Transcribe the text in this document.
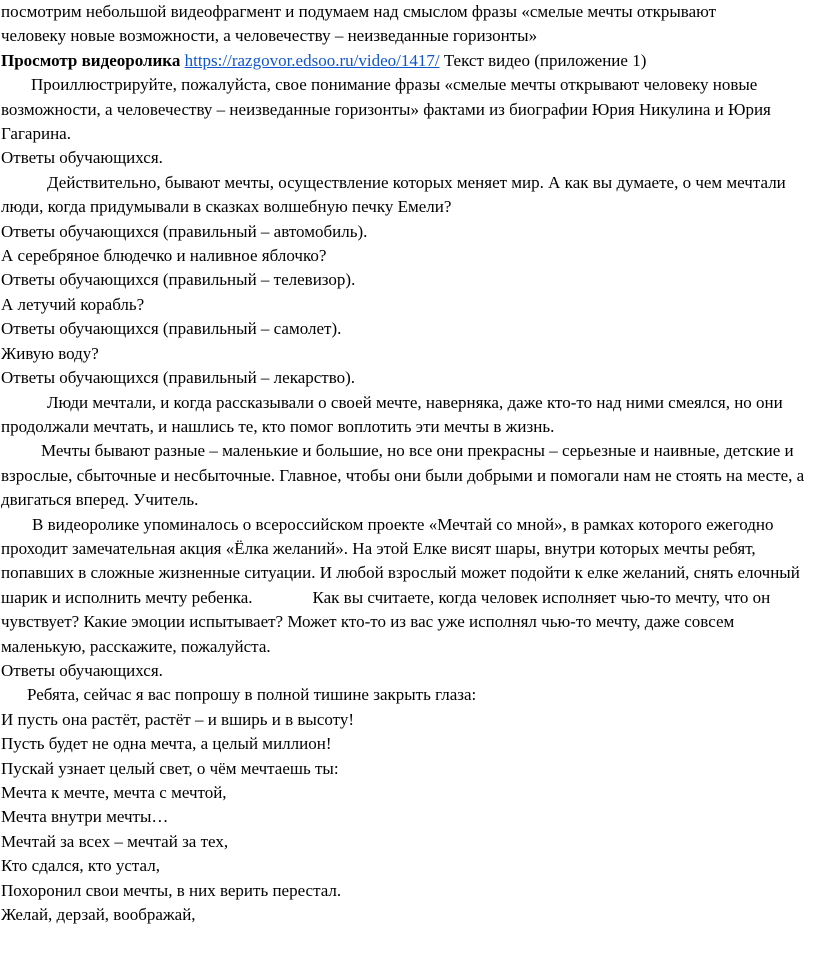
посмотрим небольшой видеофрагмент и подумаем над смыслом фразы «смелые мечты открывают

человеку новые возможности, а человечеству – неизведанные горизонты»

Просмотр видеоролика https://razgovor.edsoo.ru/video/1417/ Текст видео (приложение 1)

Проиллюстрируйте, пожалуйста, свое понимание фразы «смелые мечты открывают человеку новые возможности, а человечеству – неизведанные горизонты» фактами из биографии Юрия Никулина и Юрия Гагарина.

Ответы обучающихся.

Действительно, бывают мечты, осуществление которых меняет мир. А как вы думаете, о чем мечтали люди, когда придумывали в сказках волшебную печку Емели?

Ответы обучающихся (правильный – автомобиль).

А серебряное блюдечко и наливное яблочко?

Ответы обучающихся (правильный – телевизор).

А летучий корабль?

Ответы обучающихся (правильный – самолет).

Живую воду?

Ответы обучающихся (правильный – лекарство).

Люди мечтали, и когда рассказывали о своей мечте, наверняка, даже кто-то над ними смеялся, но они продолжали мечтать, и нашлись те, кто помог воплотить эти мечты в жизнь.

Мечты бывают разные – маленькие и большие, но все они прекрасны – серьезные и наивные, детские и взрослые, сбыточные и несбыточные. Главное, чтобы они были добрыми и помогали нам не стоять на месте, а двигаться вперед. Учитель.

В видеоролике упоминалось о всероссийском проекте «Мечтай со мной», в рамках которого ежегодно проходит замечательная акция «Ёлка желаний». На этой Елке висят шары, внутри которых мечты ребят, попавших в сложные жизненные ситуации. И любой взрослый может подойти к елке желаний, снять елочный шарик и исполнить мечту ребенка.	Как вы считаете, когда человек исполняет чью-то мечту, что он чувствует? Какие эмоции испытывает? Может кто-то из вас уже исполнял чью-то мечту, даже совсем маленькую, расскажите, пожалуйста.

Ответы обучающихся.

Ребята, сейчас я вас попрошу в полной тишине закрыть глаза:

И пусть она растёт, растёт – и вширь и в высоту!

Пусть будет не одна мечта, а целый миллион!

Пускай узнает целый свет, о чём мечтаешь ты:

Мечта к мечте, мечта с мечтой,

Мечта внутри мечты…

Мечтай за всех – мечтай за тех,

Кто сдался, кто устал,

Похоронил свои мечты, в них верить перестал.

Желай, дерзай, воображай,
